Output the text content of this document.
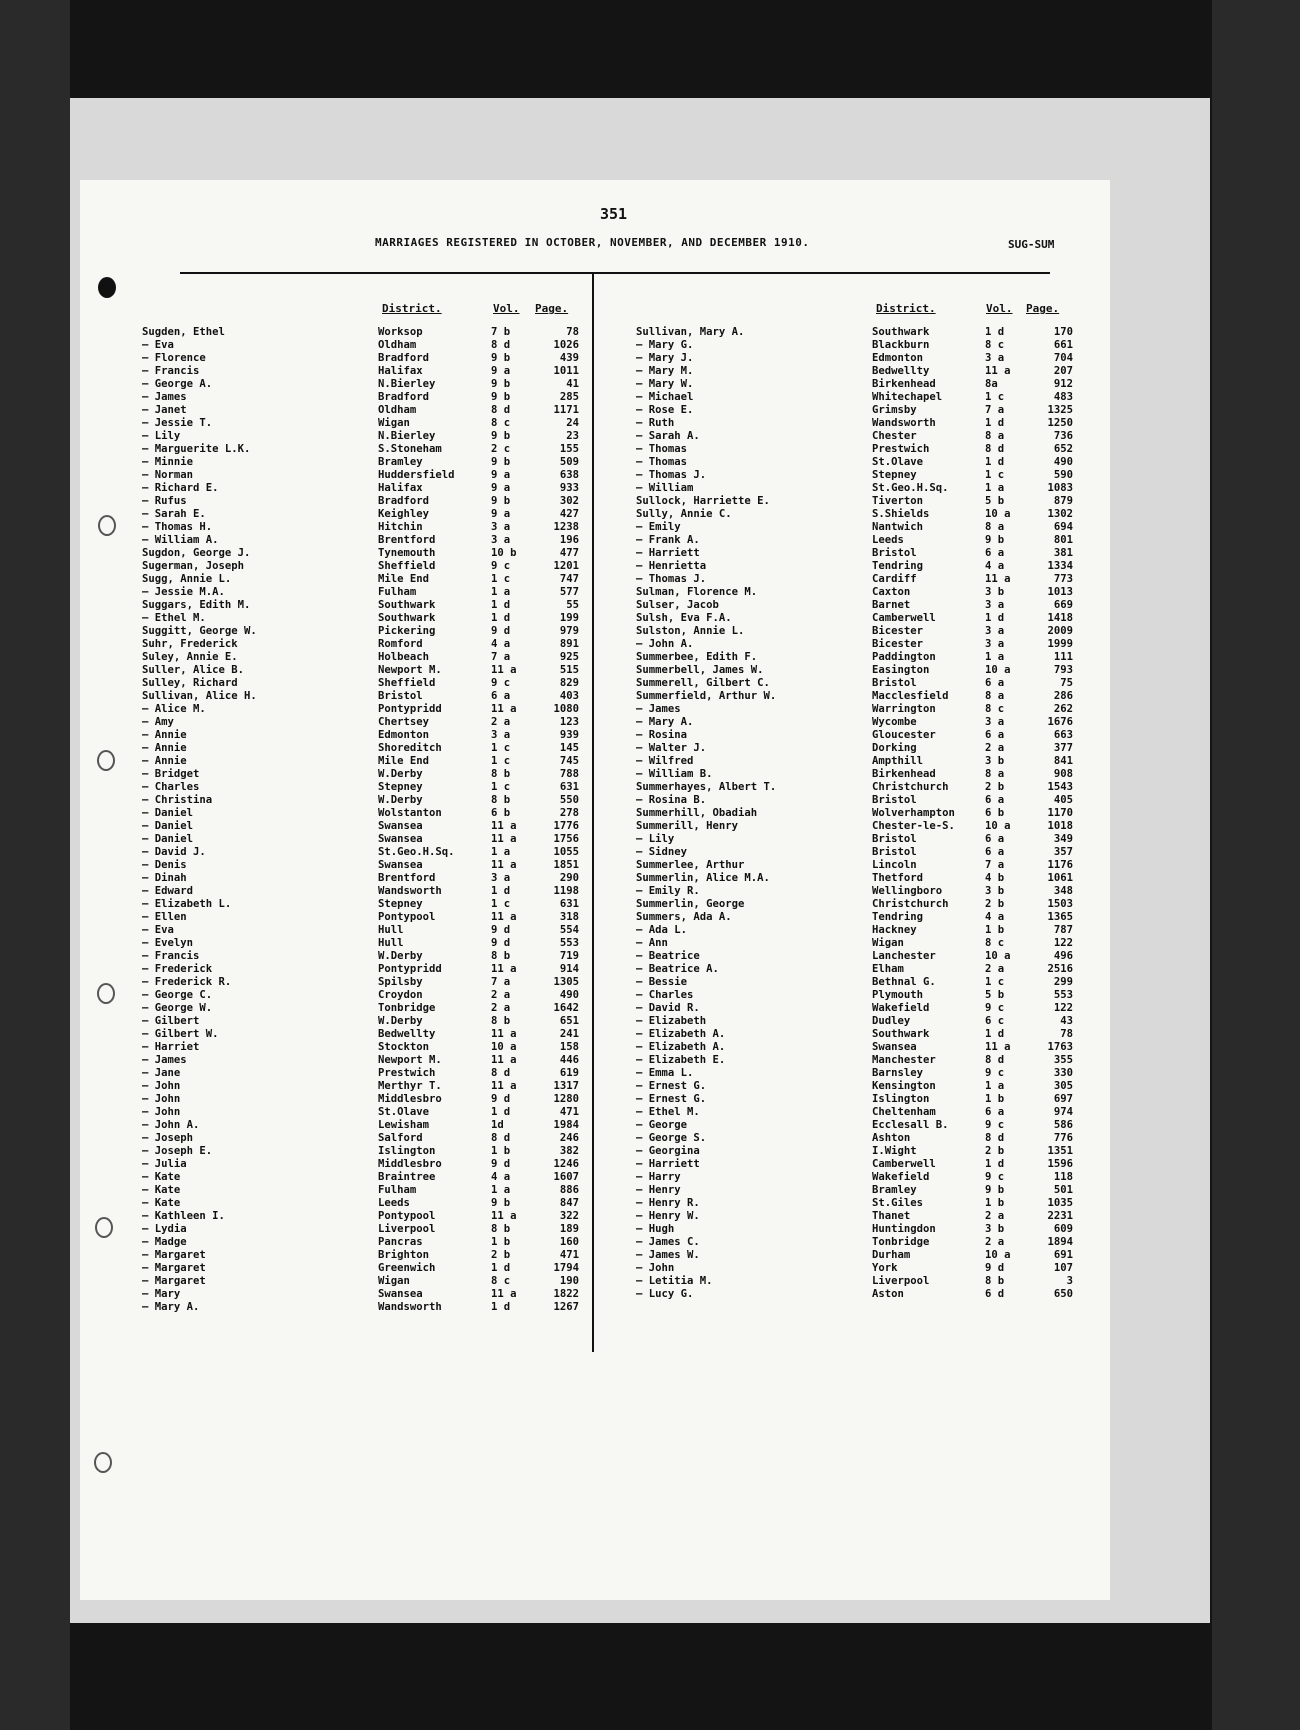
351
MARRIAGES REGISTERED IN OCTOBER, NOVEMBER, AND DECEMBER 1910.	SUG-SUM
District.	Vol. Page.	District.	Vol. Page.
Sugden, Ethel	Worksop	7 b	78
— Eva	Oldham	8 d	1026
— Florence	Bradford	9 b	439
— Francis	Halifax	9 a	1011
— George A.	N.Bierley	9 b	41
— James	Bradford	9 b	285
— Janet	Oldham	8 d	1171
— Jessie T.	Wigan	8 c	24
— Lily	N.Bierley	9 b	23
— Marguerite L.K.	S.Stoneham	2 c	155
— Minnie	Bramley	9 b	509
— Norman	Huddersfield	9 a	638
— Richard E.	Halifax	9 a	933
— Rufus	Bradford	9 b	302
— Sarah E.	Keighley	9 a	427
— Thomas H.	Hitchin	3 a	1238
— William A.	Brentford	3 a	196
Sugdon, George J.	Tynemouth	10 b	477
Sugerman, Joseph	Sheffield	9 c	1201
Sugg, Annie L.	Mile End	1 c	747
— Jessie M.A.	Fulham	1 a	577
Suggars, Edith M.	Southwark	1 d	55
— Ethel M.	Southwark	1 d	199
Suggitt, George W.	Pickering	9 d	979
Suhr, Frederick	Romford	4 a	891
Suley, Annie E.	Holbeach	7 a	925
Suller, Alice B.	Newport M.	11 a	515
Sulley, Richard	Sheffield	9 c	829
Sullivan, Alice H.	Bristol	6 a	403
— Alice M.	Pontypridd	11 a	1080
— Amy	Chertsey	2 a	123
— Annie	Edmonton	3 a	939
— Annie	Shoreditch	1 c	145
— Annie	Mile End	1 c	745
— Bridget	W.Derby	8 b	788
— Charles	Stepney	1 c	631
— Christina	W.Derby	8 b	550
— Daniel	Wolstanton	6 b	278
— Daniel	Swansea	11 a	1776
— Daniel	Swansea	11 a	1756
— David J.	St.Geo.H.Sq.	1 a	1055
— Denis	Swansea	11 a	1851
— Dinah	Brentford	3 a	290
— Edward	Wandsworth	1 d	1198
— Elizabeth L.	Stepney	1 c	631
— Ellen	Pontypool	11 a	318
— Eva	Hull	9 d	554
— Evelyn	Hull	9 d	553
— Francis	W.Derby	8 b	719
— Frederick	Pontypridd	11 a	914
— Frederick R.	Spilsby	7 a	1305
— George C.	Croydon	2 a	490
— George W.	Tonbridge	2 a	1642
— Gilbert	W.Derby	8 b	651
— Gilbert W.	Bedwellty	11 a	241
— Harriet	Stockton	10 a	158
— James	Newport M.	11 a	446
— Jane	Prestwich	8 d	619
— John	Merthyr T.	11 a	1317
— John	Middlesbro	9 d	1280
— John	St.Olave	1 d	471
— John A.	Lewisham	1d	1984
— Joseph	Salford	8 d	246
— Joseph E.	Islington	1 b	382
— Julia	Middlesbro	9 d	1246
— Kate	Braintree	4 a	1607
— Kate	Fulham	1 a	886
— Kate	Leeds	9 b	847
— Kathleen I.	Pontypool	11 a	322
— Lydia	Liverpool	8 b	189
— Madge	Pancras	1 b	160
— Margaret	Brighton	2 b	471
— Margaret	Greenwich	1 d	1794
— Margaret	Wigan	8 c	190
— Mary	Swansea	11 a	1822
— Mary A.	Wandsworth	1 d	1267
Sullivan, Mary A.	Southwark	1 d	170
— Mary G.	Blackburn	8 c	661
— Mary J.	Edmonton	3 a	704
— Mary M.	Bedwellty	11 a	207
— Mary W.	Birkenhead	8a	912
— Michael	Whitechapel	1 c	483
— Rose E.	Grimsby	7 a	1325
— Ruth	Wandsworth	1 d	1250
— Sarah A.	Chester	8 a	736
— Thomas	Prestwich	8 d	652
— Thomas	St.Olave	1 d	490
— Thomas J.	Stepney	1 c	590
— William	St.Geo.H.Sq.	1 a	1083
Sullock, Harriette E.	Tiverton	5 b	879
Sully, Annie C.	S.Shields	10 a	1302
— Emily	Nantwich	8 a	694
— Frank A.	Leeds	9 b	801
— Harriett	Bristol	6 a	381
— Henrietta	Tendring	4 a	1334
— Thomas J.	Cardiff	11 a	773
Sulman, Florence M.	Caxton	3 b	1013
Sulser, Jacob	Barnet	3 a	669
Sulsh, Eva F.A.	Camberwell	1 d	1418
Sulston, Annie L.	Bicester	3 a	2009
— John A.	Bicester	3 a	1999
Summerbee, Edith F.	Paddington	1 a	111
Summerbell, James W.	Easington	10 a	793
Summerell, Gilbert C.	Bristol	6 a	75
Summerfield, Arthur W.	Macclesfield	8 a	286
— James	Warrington	8 c	262
— Mary A.	Wycombe	3 a	1676
— Rosina	Gloucester	6 a	663
— Walter J.	Dorking	2 a	377
— Wilfred	Ampthill	3 b	841
— William B.	Birkenhead	8 a	908
Summerhayes, Albert T.	Christchurch	2 b	1543
— Rosina B.	Bristol	6 a	405
Summerhill, Obadiah	Wolverhampton	6 b	1170
Summerill, Henry	Chester-le-S.	10 a	1018
— Lily	Bristol	6 a	349
— Sidney	Bristol	6 a	357
Summerlee, Arthur	Lincoln	7 a	1176
Summerlin, Alice M.A.	Thetford	4 b	1061
— Emily R.	Wellingboro	3 b	348
Summerlin, George	Christchurch	2 b	1503
Summers, Ada A.	Tendring	4 a	1365
— Ada L.	Hackney	1 b	787
— Ann	Wigan	8 c	122
— Beatrice	Lanchester	10 a	496
— Beatrice A.	Elham	2 a	2516
— Bessie	Bethnal G.	1 c	299
— Charles	Plymouth	5 b	553
— David R.	Wakefield	9 c	122
— Elizabeth	Dudley	6 c	43
— Elizabeth A.	Southwark	1 d	78
— Elizabeth A.	Swansea	11 a	1763
— Elizabeth E.	Manchester	8 d	355
— Emma L.	Barnsley	9 c	330
— Ernest G.	Kensington	1 a	305
— Ernest G.	Islington	1 b	697
— Ethel M.	Cheltenham	6 a	974
— George	Ecclesall B.	9 c	586
— George S.	Ashton	8 d	776
— Georgina	I.Wight	2 b	1351
— Harriett	Camberwell	1 d	1596
— Harry	Wakefield	9 c	118
— Henry	Bramley	9 b	501
— Henry R.	St.Giles	1 b	1035
— Henry W.	Thanet	2 a	2231
— Hugh	Huntingdon	3 b	609
— James C.	Tonbridge	2 a	1894
— James W.	Durham	10 a	691
— John	York	9 d	107
— Letitia M.	Liverpool	8 b	3
— Lucy G.	Aston	6 d	650
